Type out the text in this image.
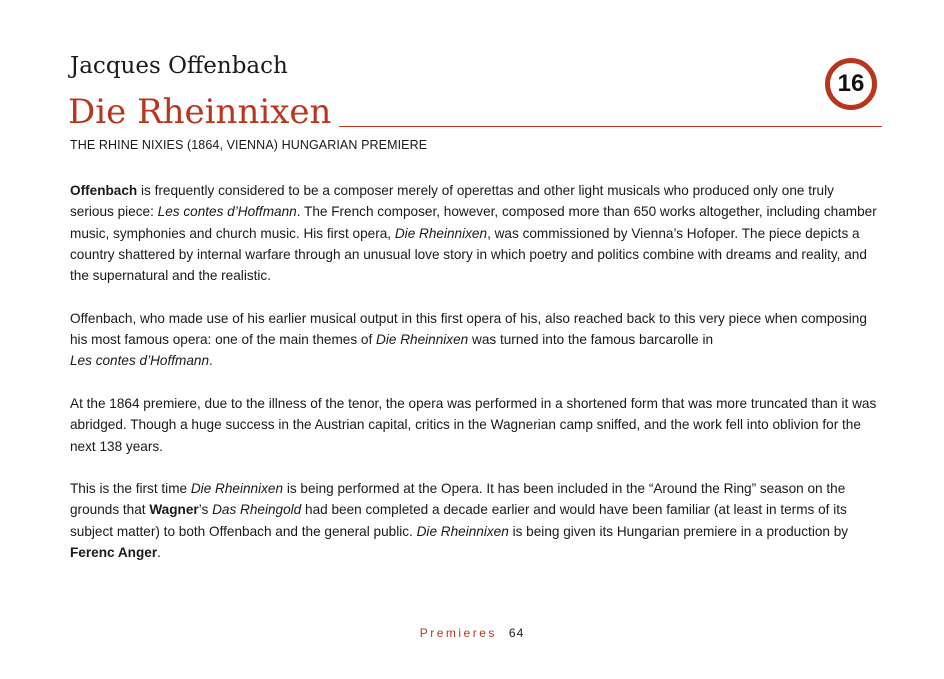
Jacques Offenbach
Die Rheinnixen
16
THE RHINE NIXIES (1864, VIENNA) HUNGARIAN PREMIERE

Offenbach is frequently considered to be a composer merely of operettas and other light musicals who produced only one truly serious piece: Les contes d’Hoffmann. The French composer, however, composed more than 650 works altogether, including chamber music, symphonies and church music. His first opera, Die Rheinnixen, was commissioned by Vienna’s Hofoper. The piece depicts a country shattered by internal warfare through an unusual love story in which poetry and politics combine with dreams and reality, and the supernatural and the realistic.

Offenbach, who made use of his earlier musical output in this first opera of his, also reached back to this very piece when composing his most famous opera: one of the main themes of Die Rheinnixen was turned into the famous barcarolle in
Les contes d’Hoffmann.

At the 1864 premiere, due to the illness of the tenor, the opera was performed in a shortened form that was more truncated than it was abridged. Though a huge success in the Austrian capital, critics in the Wagnerian camp sniffed, and the work fell into oblivion for the next 138 years.

This is the first time Die Rheinnixen is being performed at the Opera. It has been included in the “Around the Ring” season on the grounds that Wagner’s Das Rheingold had been completed a decade earlier and would have been familiar (at least in terms of its subject matter) to both Offenbach and the general public. Die Rheinnixen is being given its Hungarian premiere in a production by Ferenc Anger.

Premieres 64
